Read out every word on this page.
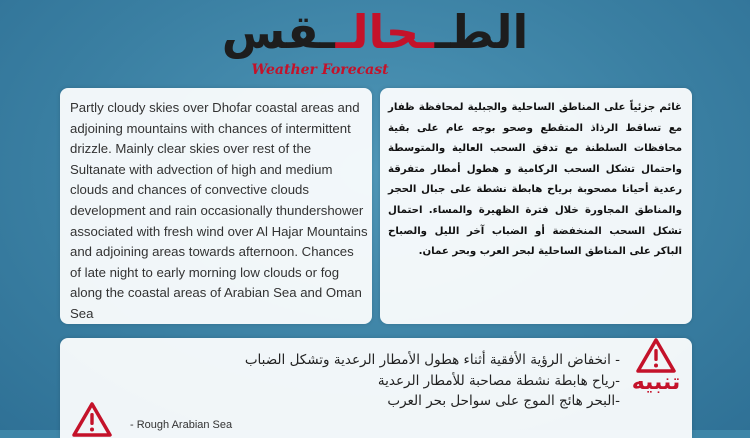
الطــحالــقس
Weather Forecast
Partly cloudy skies over Dhofar coastal areas and adjoining mountains with chances of intermittent drizzle. Mainly clear skies over rest of the Sultanate with advection of high and medium clouds and chances of convective clouds development and rain occasionally thundershower associated with fresh wind over Al Hajar Mountains and adjoining areas towards afternoon. Chances of late night to early morning low clouds or fog along the coastal areas of Arabian Sea and Oman Sea
غائم جزئياً على المناطق الساحلية والجبلية لمحافظة ظفار مع تساقط الرذاذ المتقطع وصحو بوجه عام على بقية محافظات السلطنة مع تدفق السحب العالية والمتوسطة واحتمال تشكل السحب الركامية و هطول أمطار متفرقة رعدية أحيانا مصحوبة برياح هابطة نشطة على جبال الحجر والمناطق المجاورة خلال فترة الظهيرة والمساء. احتمال تشكل السحب المنخفضة أو الضباب آخر الليل والصباح الباكر على المناطق الساحلية لبحر العرب وبحر عمان.
تنبيه
- انخفاض الرؤية الأفقية أثناء هطول الأمطار الرعدية وتشكل الضباب
-رياح هابطة نشطة مصاحبة للأمطار الرعدية
-البحر هائج الموج على سواحل بحر العرب
- Rough Arabian Sea
